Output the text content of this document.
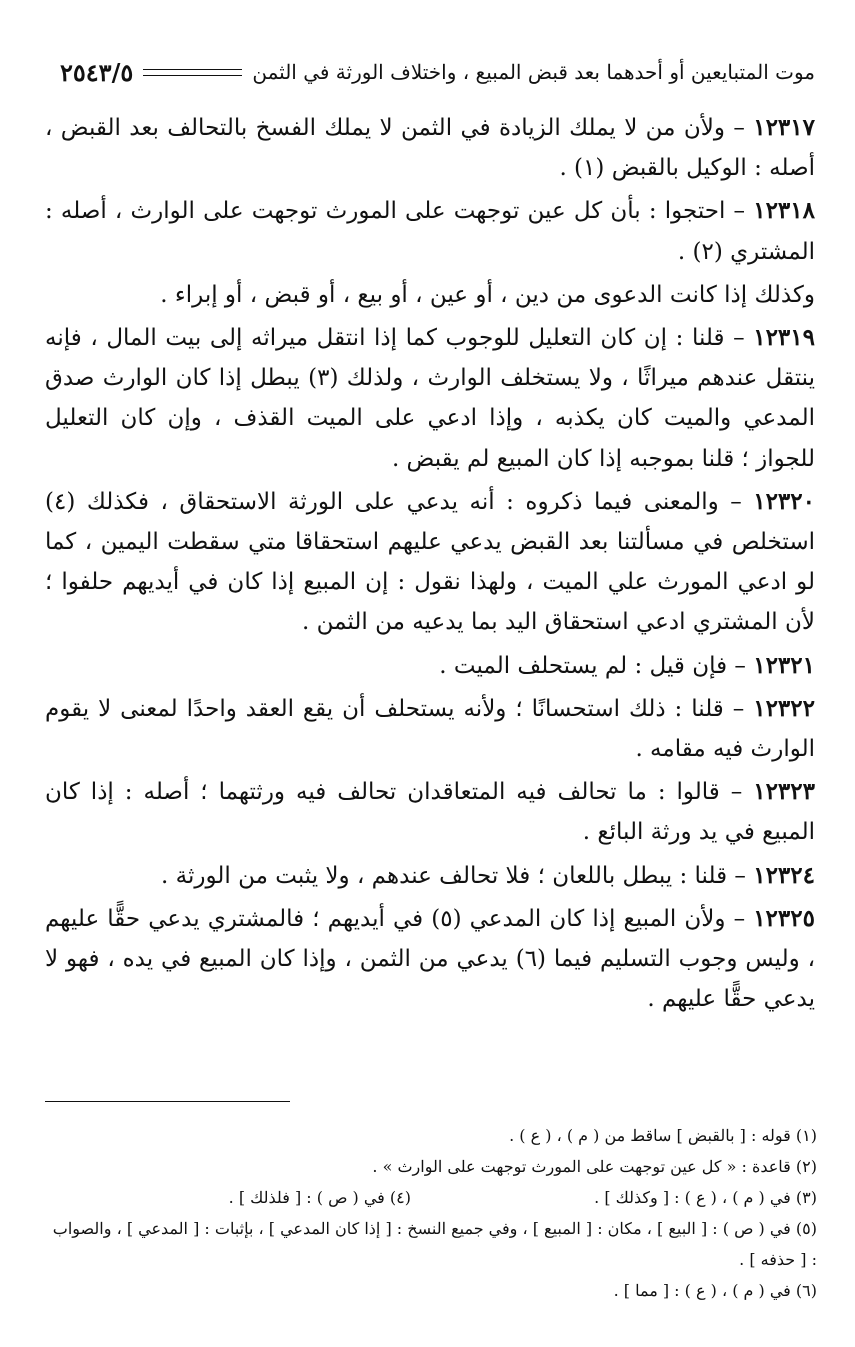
موت المتبايعين أو أحدهما بعد قبض المبيع ، واختلاف الورثة في الثمن
٢٥٤٣/٥

١٢٣١٧ – ولأن من لا يملك الزيادة في الثمن لا يملك الفسخ بالتحالف بعد القبض ، أصله : الوكيل بالقبض (١) .

١٢٣١٨ – احتجوا : بأن كل عين توجهت على المورث توجهت على الوارث ، أصله : المشتري (٢) .

وكذلك إذا كانت الدعوى من دين ، أو عين ، أو بيع ، أو قبض ، أو إبراء .

١٢٣١٩ – قلنا : إن كان التعليل للوجوب كما إذا انتقل ميراثه إلى بيت المال ، فإنه ينتقل عندهم ميراثًا ، ولا يستخلف الوارث ، ولذلك (٣) يبطل إذا كان الوارث صدق المدعي والميت كان يكذبه ، وإذا ادعي على الميت القذف ، وإن كان التعليل للجواز ؛ قلنا بموجبه إذا كان المبيع لم يقبض .

١٢٣٢٠ – والمعنى فيما ذكروه : أنه يدعي على الورثة الاستحقاق ، فكذلك (٤) استخلص في مسألتنا بعد القبض يدعي عليهم استحقاقا متي سقطت اليمين ، كما لو ادعي المورث علي الميت ، ولهذا نقول : إن المبيع إذا كان في أيديهم حلفوا ؛ لأن المشتري ادعي استحقاق اليد بما يدعيه من الثمن .

١٢٣٢١ – فإن قيل : لم يستحلف الميت .

١٢٣٢٢ – قلنا : ذلك استحسانًا ؛ ولأنه يستحلف أن يقع العقد واحدًا لمعنى لا يقوم الوارث فيه مقامه .

١٢٣٢٣ – قالوا : ما تحالف فيه المتعاقدان تحالف فيه ورثتهما ؛ أصله : إذا كان المبيع في يد ورثة البائع .

١٢٣٢٤ – قلنا : يبطل باللعان ؛ فلا تحالف عندهم ، ولا يثبت من الورثة .

١٢٣٢٥ – ولأن المبيع إذا كان المدعي (٥) في أيديهم ؛ فالمشتري يدعي حقًّا عليهم ، وليس وجوب التسليم فيما (٦) يدعي من الثمن ، وإذا كان المبيع في يده ، فهو لا يدعي حقًّا عليهم .

(١) قوله : [ بالقبض ] ساقط من ( م ) ، ( ع ) .

(٢) قاعدة : « كل عين توجهت على المورث توجهت على الوارث » .

(٣) في ( م ) ، ( ع ) : [ وكذلك ] .

(٤) في ( ص ) : [ فلذلك ] .

(٥) في ( ص ) : [ البيع ] ، مكان : [ المبيع ] ، وفي جميع النسخ : [ إذا كان المدعي ] ، بإثبات : [ المدعي ] ، والصواب : [ حذفه ] .

(٦) في ( م ) ، ( ع ) : [ مما ] .
